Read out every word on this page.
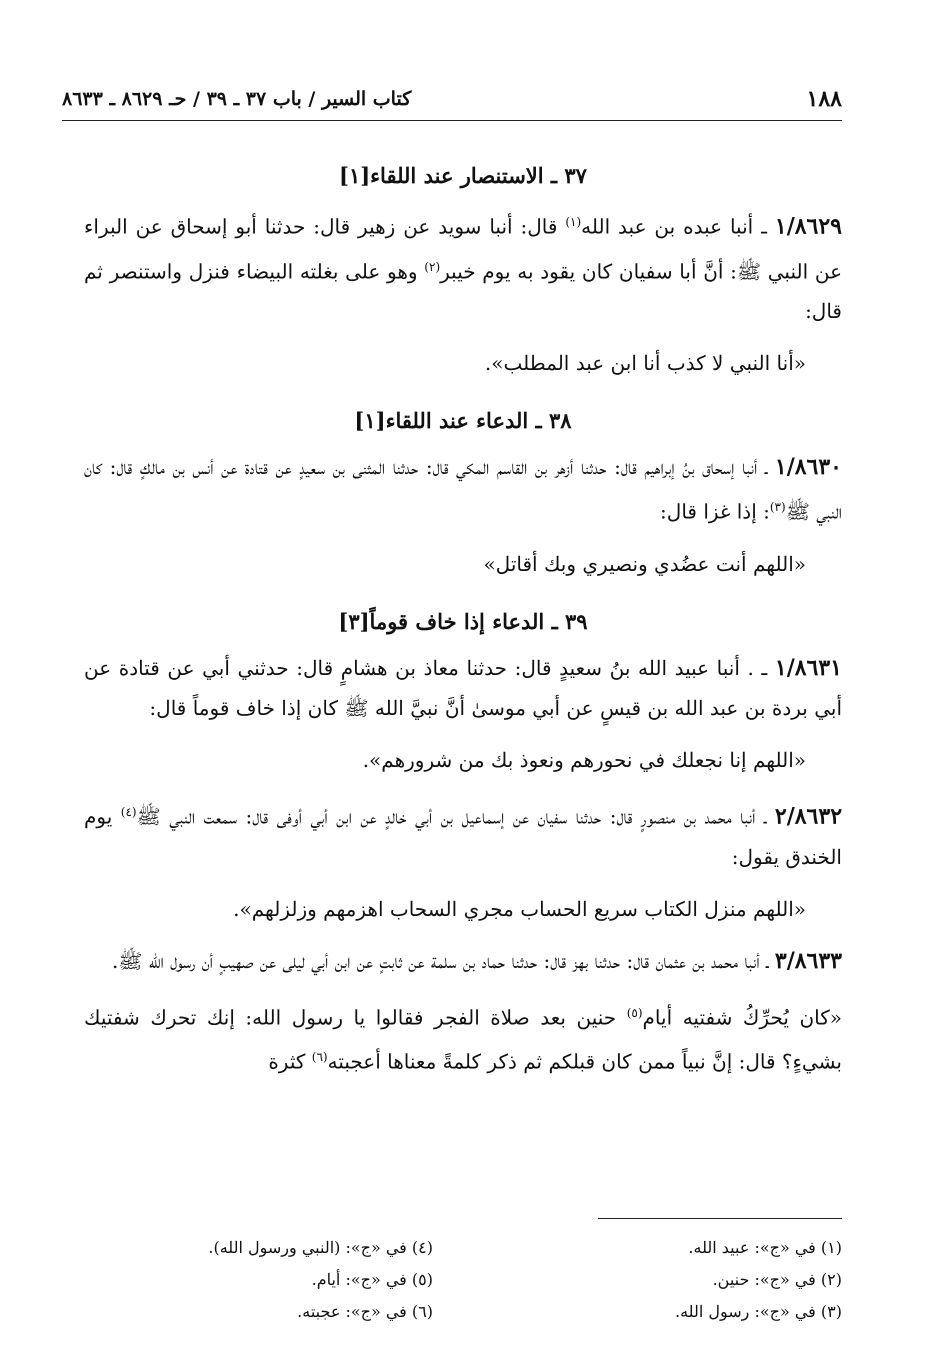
١٨٨
كتاب السير / باب ٣٧ ـ ٣٩ / حـ ٨٦٢٩ ـ ٨٦٣٣
٣٧ ـ الاستنصار عند اللقاء[١]

١/٨٦٢٩ ـ أنبا عبده بن عبد الله$^{(١)}$ قال: أنبا سويد عن زهير قال: حدثنا أبو إسحاق عن البراء عن النبي ﷺ: أنَّ أبا سفيان كان يقود به يوم خيبر$^{(٢)}$ وهو على بغلته البيضاء فنزل واستنصر ثم قال:

«أنا النبي لا كذب أنا ابن عبد المطلب».

٣٨ ـ الدعاء عند اللقاء[١]

١/٨٦٣٠ ـ أنبا إسحاق بنُ إبراهيم قال: حدثنا أزهر بن القاسم المكي قال: حدثنا المثنى بن سعيدٍ عن قتادة عن أنس بن مالكٍ قال: كان النبي ﷺ$^{(٣)}$: إذا غزا قال:

«اللهم أنت عضُدي ونصيري وبك أقاتل»

٣٩ ـ الدعاء إذا خاف قوماً[٣]

١/٨٦٣١ ـ . أنبا عبيد الله بنُ سعيدٍ قال: حدثنا معاذ بن هشامٍ قال: حدثني أبي عن قتادة عن أبي بردة بن عبد الله بن قيسٍ عن أبي موسىٰ أنَّ نبيَّ الله ﷺ كان إذا خاف قوماً قال:

«اللهم إنا نجعلك في نحورهم ونعوذ بك من شرورهم».

٢/٨٦٣٢ ـ أنبا محمد بن منصورٍ قال: حدثنا سفيان عن إسماعيل بن أبي خالدٍ عن ابن أبي أوفى قال: سمعت النبي ﷺ$^{(٤)}$ يوم الخندق يقول:

«اللهم منزل الكتاب سريع الحساب مجري السحاب اهزمهم وزلزلهم».

٣/٨٦٣٣ ـ أنبا محمد بن عثمان قال: حدثنا بهز قال: حدثنا حماد بن سلمة عن ثابتٍ عن ابن أبي ليلى عن صهيبٍ أن رسول الله ﷺ.

«كان يُحرِّكُ شفتيه أيام$^{(٥)}$ حنين بعد صلاة الفجر فقالوا يا رسول الله: إنك تحرك شفتيك بشيءٍ؟ قال: إنَّ نبياً ممن كان قبلكم ثم ذكر كلمةً معناها أعجبته$^{(٦)}$ كثرة

(١) في «ج»: عبيد الله.
(٢) في «ج»: حنين.
(٣) في «ج»: رسول الله.
(٤) في «ج»: (النبي ورسول الله).
(٥) في «ج»: أيام.
(٦) في «ج»: عجبته.
